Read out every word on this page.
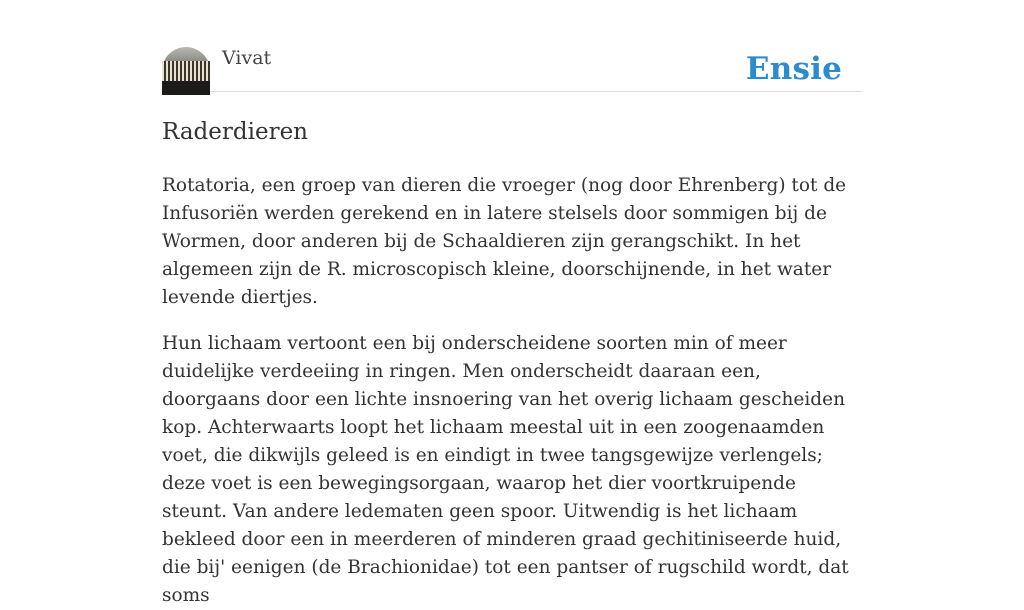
Vivat	Ensie
Raderdieren

Rotatoria, een groep van dieren die vroeger (nog door Ehrenberg) tot de Infusoriën werden gerekend en in latere stelsels door sommigen bij de Wormen, door anderen bij de Schaaldieren zijn gerangschikt. In het algemeen zijn de R. microscopisch kleine, doorschijnende, in het water levende diertjes.

Hun lichaam vertoont een bij onderscheidene soorten min of meer duidelijke verdeeiing in ringen. Men onderscheidt daaraan een, doorgaans door een lichte insnoering van het overig lichaam gescheiden kop. Achterwaarts loopt het lichaam meestal uit in een zoogenaamden voet, die dikwijls geleed is en eindigt in twee tangsgewijze verlengels; deze voet is een bewegingsorgaan, waarop het dier voortkruipende steunt. Van andere ledematen geen spoor. Uitwendig is het lichaam bekleed door een in meerderen of minderen graad gechitiniseerde huid, die bij' eenigen (de Brachionidae) tot een pantser of rugschild wordt, dat soms
